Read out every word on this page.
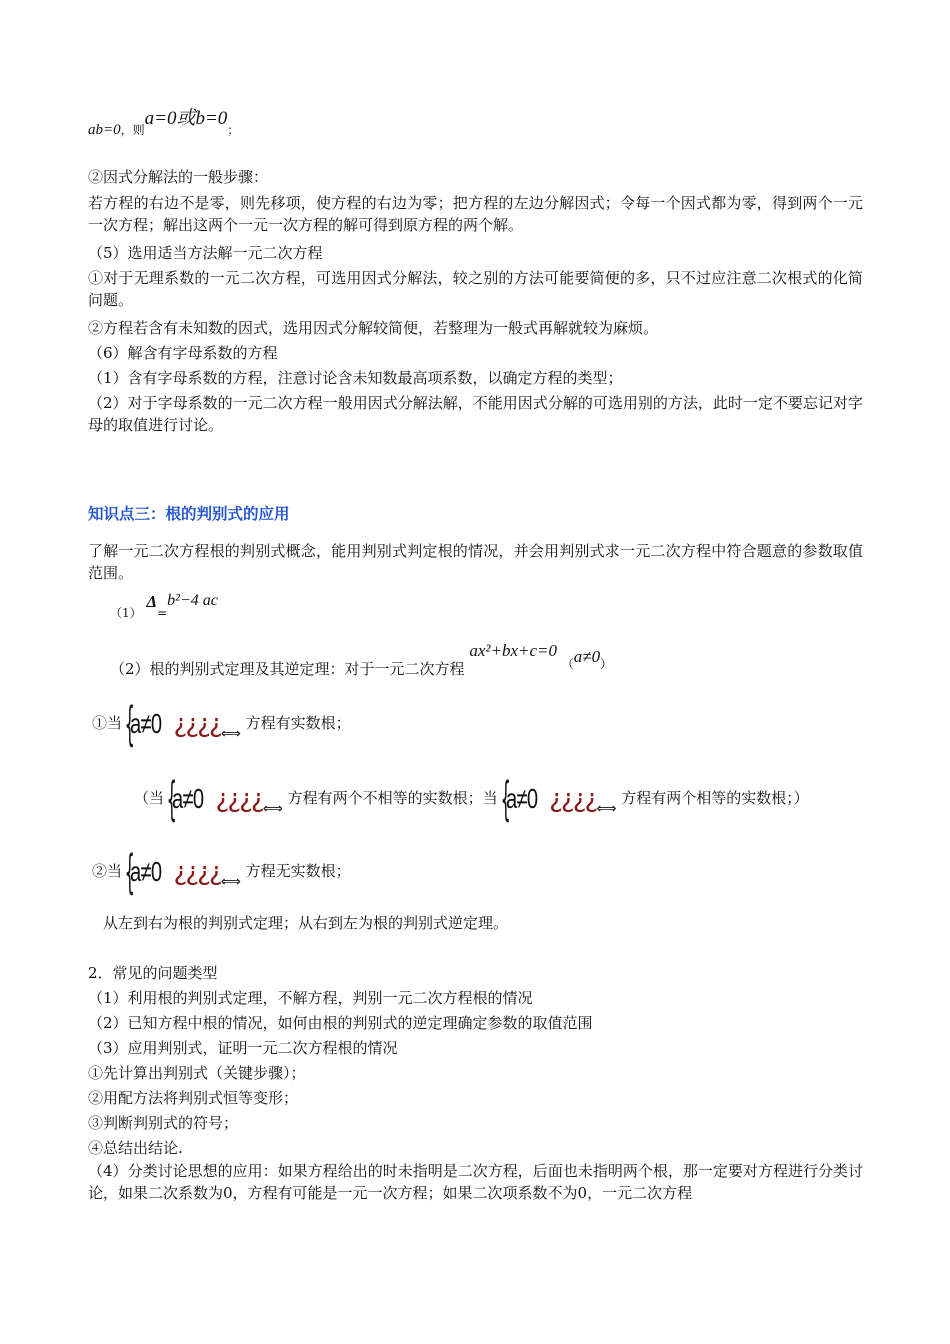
ab=0，则a=0或b=0；
②因式分解法的一般步骤：
若方程的右边不是零，则先移项，使方程的右边为零；把方程的左边分解因式；令每一个因式都为零，得到两个一元一次方程；解出这两个一元一次方程的解可得到原方程的两个解。
（5）选用适当方法解一元二次方程
①对于无理系数的一元二次方程，可选用因式分解法，较之别的方法可能要简便的多，只不过应注意二次根式的化简问题。
②方程若含有未知数的因式，选用因式分解较简便，若整理为一般式再解就较为麻烦。
（6）解含有字母系数的方程
（1）含有字母系数的方程，注意讨论含未知数最高项系数，以确定方程的类型；
（2）对于字母系数的一元二次方程一般用因式分解法解，不能用因式分解的可选用别的方法，此时一定不要忘记对字母的取值进行讨论。
知识点三：根的判别式的应用
了解一元二次方程根的判别式概念，能用判别式判定根的情况，并会用判别式求一元二次方程中符合题意的参数取值范围。
$_{(1)}$ $\Delta_=b^2-4$ ac
（2）根的判别式定理及其逆定理：对于一元二次方程 ax²+bx+c=0 $_(a\ne 0_)$
①当{a≠0 ¿¿¿¿⟺ 方程有实数根；
（当{a≠0 ¿¿¿¿⟺ 方程有两个不相等的实数根；当{a≠0 ¿¿¿¿⟺ 方程有两个相等的实数根；）
②当{a≠0 ¿¿¿¿⟺ 方程无实数根；
从左到右为根的判别式定理；从右到左为根的判别式逆定理。
2．常见的问题类型
（1）利用根的判别式定理，不解方程，判别一元二次方程根的情况
（2）已知方程中根的情况，如何由根的判别式的逆定理确定参数的取值范围
（3）应用判别式，证明一元二次方程根的情况
①先计算出判别式（关键步骤）；
②用配方法将判别式恒等变形；
③判断判别式的符号；
④总结出结论.
（4）分类讨论思想的应用：如果方程给出的时未指明是二次方程，后面也未指明两个根，那一定要对方程进行分类讨论，如果二次系数为0，方程有可能是一元一次方程；如果二次项系数不为0，一元二次方程
